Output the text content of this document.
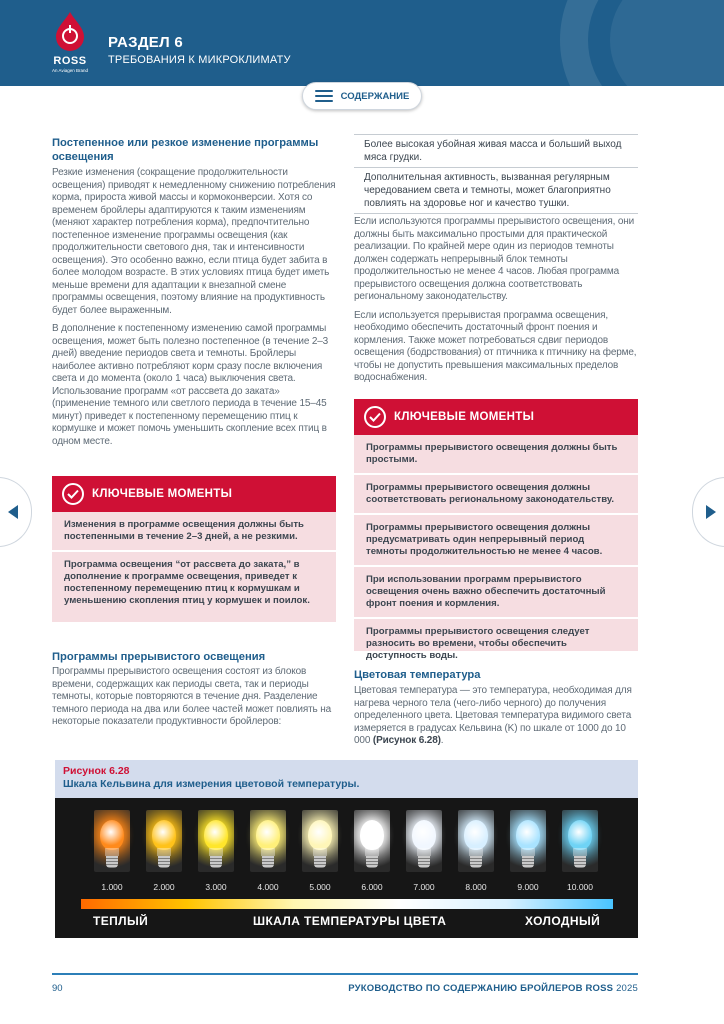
ROSS
An Aviagen Brand
РАЗДЕЛ 6
ТРЕБОВАНИЯ К МИКРОКЛИМАТУ
СОДЕРЖАНИЕ
Постепенное или резкое изменение программы освещения

Резкие изменения (сокращение продолжительности освещения) приводят к немедленному снижению потребления корма, прироста живой массы и кормоконверсии. Хотя со временем бройлеры адаптируются к таким изменениям (меняют характер потребления корма), предпочтительно постепенное изменение программы освещения (как продолжительности светового дня, так и интенсивности освещения). Это особенно важно, если птица будет забита в более молодом возрасте. В этих условиях птица будет иметь меньше времени для адаптации к внезапной смене программы освещения, поэтому влияние на продуктивность будет более выраженным.

В дополнение к постепенному изменению самой программы освещения, может быть полезно постепенное (в течение 2–3 дней) введение периодов света и темноты. Бройлеры наиболее активно потребляют корм сразу после включения света и до момента (около 1 часа) выключения света. Использование программ «от рассвета до заката» (применение темного или светлого периода в течение 15–45 минут) приведет к постепенному перемещению птиц к кормушке и может помочь уменьшить скопление всех птиц в одном месте.

КЛЮЧЕВЫЕ МОМЕНТЫ
Изменения в программе освещения должны быть постепенными в течение 2–3 дней, а не резкими.
Программа освещения “от рассвета до заката,” в дополнение к программе освещения, приведет к постепенному перемещению птиц к кормушкам и уменьшению скопления птиц у кормушек и поилок.
Программы прерывистого освещения

Программы прерывистого освещения состоят из блоков времени, содержащих как периоды света, так и периоды темноты, которые повторяются в течение дня. Разделение темного периода на два или более частей может повлиять на некоторые показатели продуктивности бройлеров:

Более высокая убойная живая масса и больший выход мяса грудки.
Дополнительная активность, вызванная регулярным чередованием света и темноты, может благоприятно повлиять на здоровье ног и качество тушки.

Если используются программы прерывистого освещения, они должны быть максимально простыми для практической реализации. По крайней мере один из периодов темноты должен содержать непрерывный блок темноты продолжительностью не менее 4 часов. Любая программа прерывистого освещения должна соответствовать региональному законодательству.

Если используется прерывистая программа освещения, необходимо обеспечить достаточный фронт поения и кормления. Также может потребоваться сдвиг периодов освещения (бодрствования) от птичника к птичнику на ферме, чтобы не допустить превышения максимальных пределов водоснабжения.

КЛЮЧЕВЫЕ МОМЕНТЫ
Программы прерывистого освещения должны быть простыми.
Программы прерывистого освещения должны соответствовать региональному законодательству.
Программы прерывистого освещения должны предусматривать один непрерывный период темноты продолжительностью не менее 4 часов.
При использовании программ прерывистого освещения очень важно обеспечить достаточный фронт поения и кормления.
Программы прерывистого освещения следует разносить во времени, чтобы обеспечить доступность воды.
Цветовая температура

Цветовая температура — это температура, необходимая для нагрева черного тела (чего-либо черного) до получения определенного цвета. Цветовая температура видимого света измеряется в градусах Кельвина (K) по шкале от 1000 до 10 000 (Рисунок 6.28).

Рисунок 6.28
Шкала Кельвина для измерения цветовой температуры.
ТЕПЛЫЙ	ШКАЛА ТЕМПЕРАТУРЫ ЦВЕТА	ХОЛОДНЫЙ
1.000	2.000	3.000	4.000	5.000	6.000	7.000	8.000	9.000	10.000
90	РУКОВОДСТВО ПО СОДЕРЖАНИЮ БРОЙЛЕРОВ ROSS 2025
